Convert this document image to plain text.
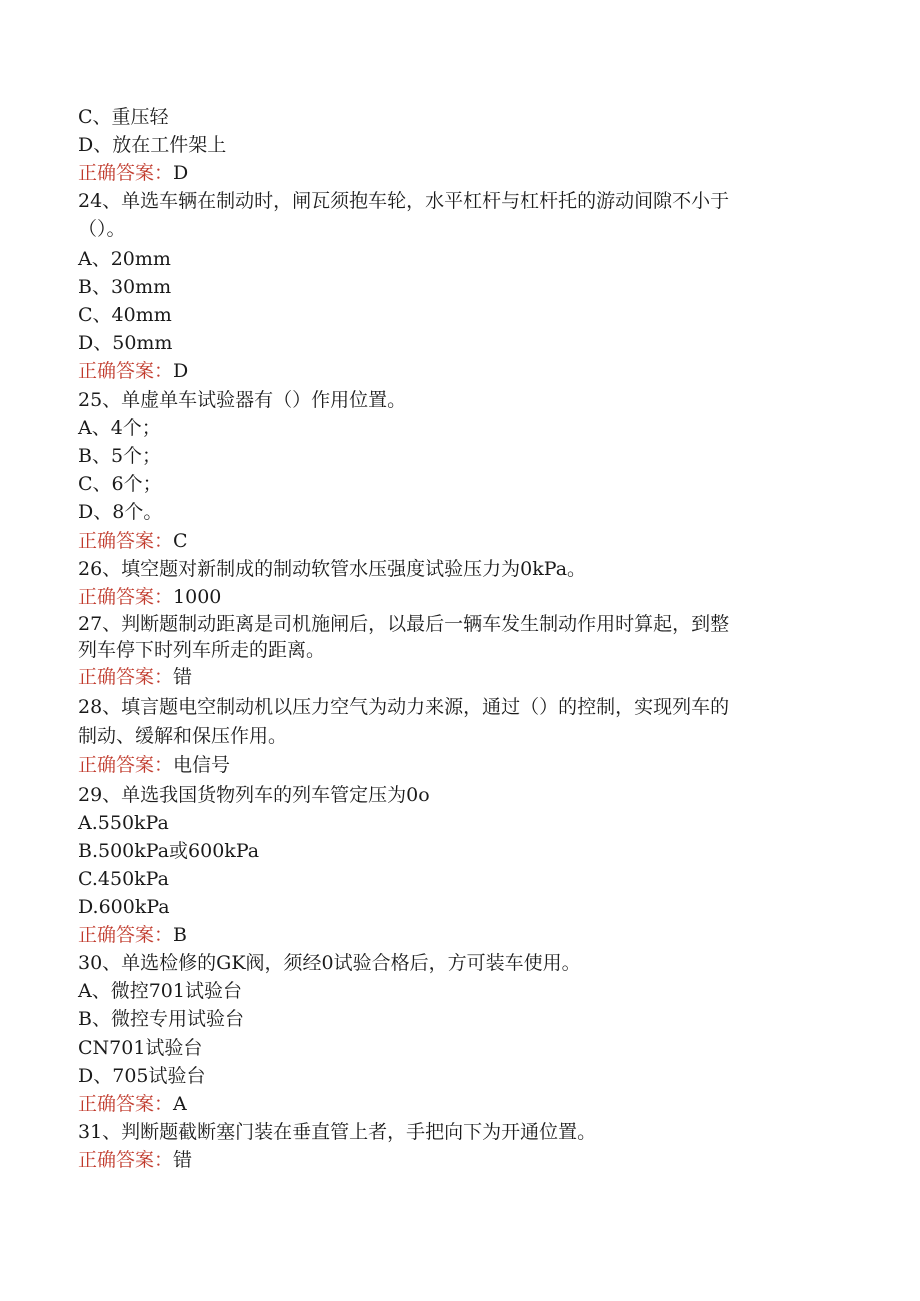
C、重压轻
D、放在工件架上
正确答案：D
24、单选车辆在制动时，闸瓦须抱车轮，水平杠杆与杠杆托的游动间隙不小于
（）。
A、20mm
B、30mm
C、40mm
D、50mm
正确答案：D
25、单虚单车试验器有（）作用位置。
A、4个；
B、5个；
C、6个；
D、8个。
正确答案：C
26、填空题对新制成的制动软管水压强度试验压力为0kPa。
正确答案：1000
27、判断题制动距离是司机施闸后，以最后一辆车发生制动作用时算起，到整
列车停下时列车所走的距离。
正确答案：错
28、填言题电空制动机以压力空气为动力来源，通过（）的控制，实现列车的
制动、缓解和保压作用。
正确答案：电信号
29、单选我国货物列车的列车管定压为0o
A.550kPa
B.500kPa或600kPa
C.450kPa
D.600kPa
正确答案：B
30、单选检修的GK阀，须经0试验合格后，方可装车使用。
A、微控701试验台
B、微控专用试验台
CN701试验台
D、705试验台
正确答案：A
31、判断题截断塞门装在垂直管上者，手把向下为开通位置。
正确答案：错
